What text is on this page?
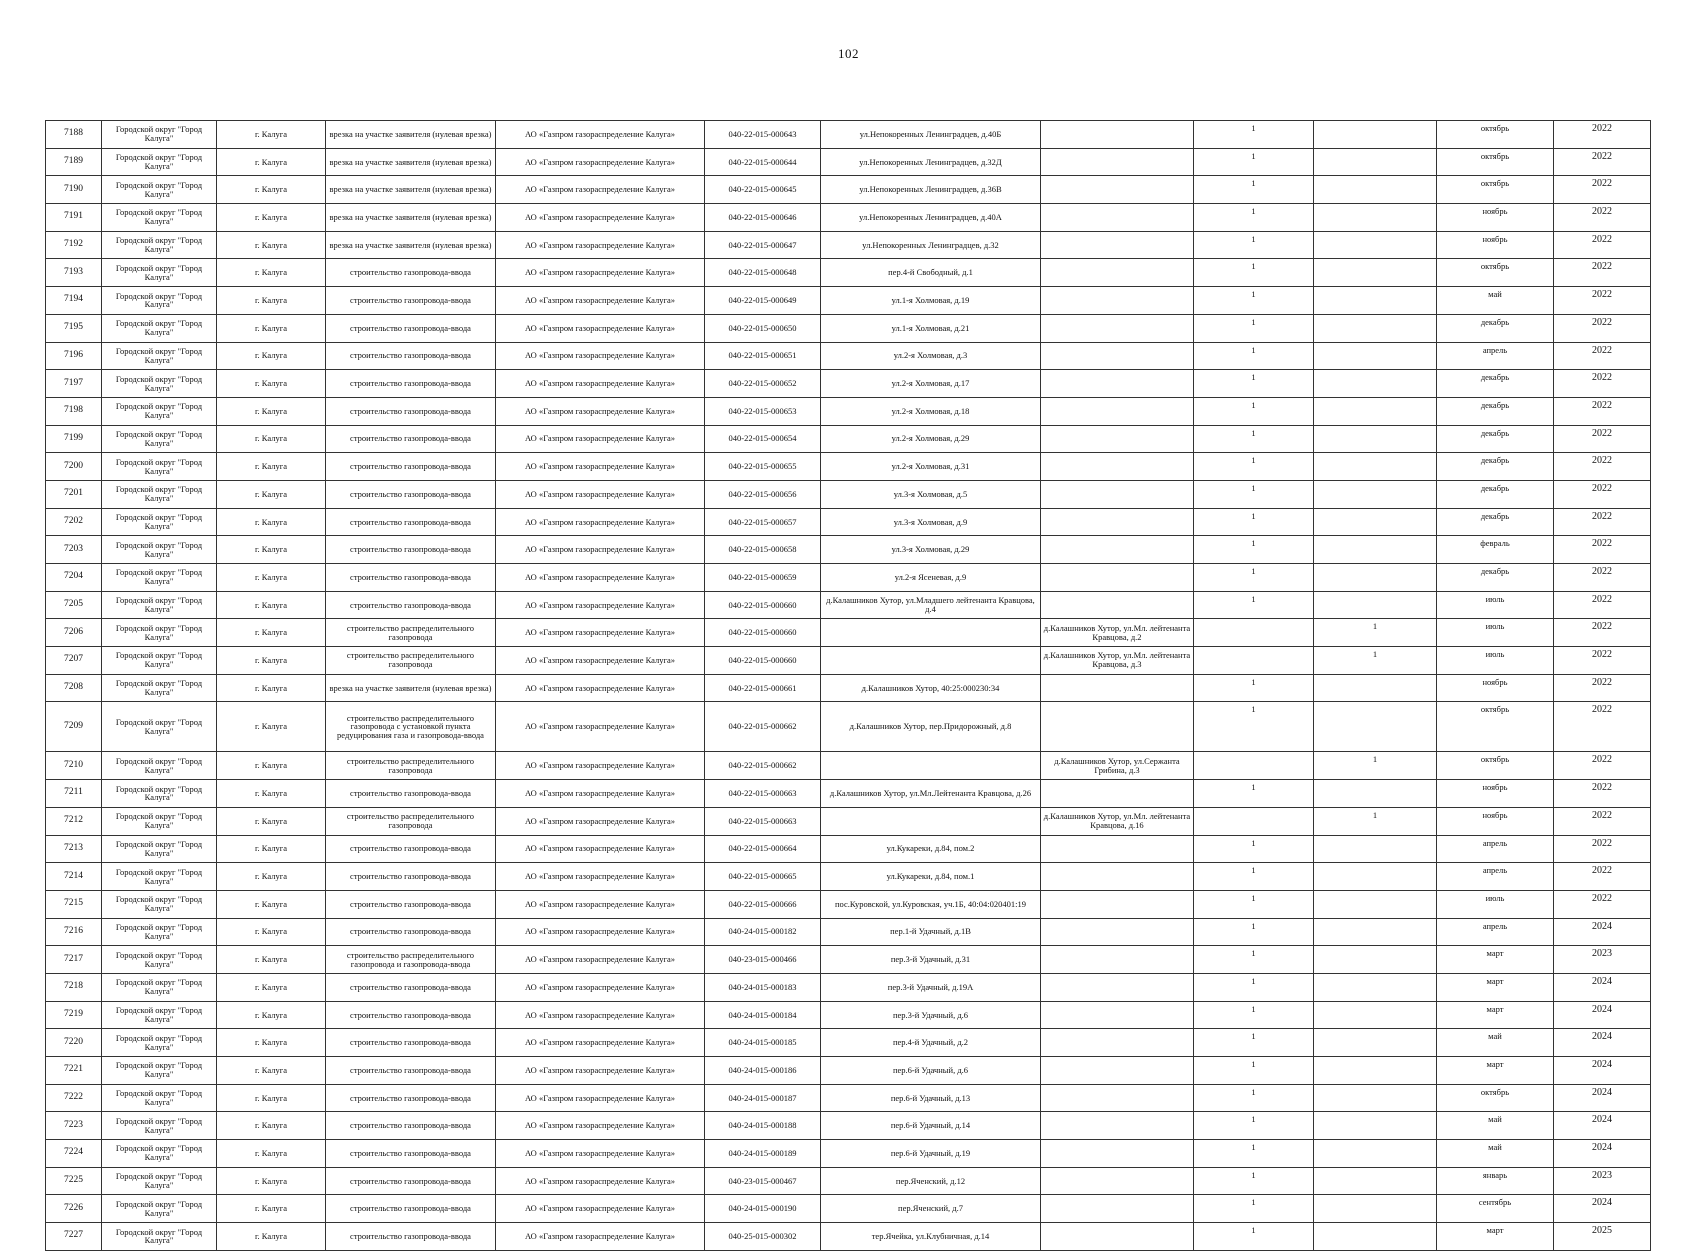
102
7188	Городской округ "Город Калуга"	г. Калуга	врезка на участке заявителя (нулевая врезка)	АО «Газпром газораспределение Калуга»	040-22-015-000643	ул.Непокоренных Ленинградцев, д.40Б		1		октябрь	2022
7189	Городской округ "Город Калуга"	г. Калуга	врезка на участке заявителя (нулевая врезка)	АО «Газпром газораспределение Калуга»	040-22-015-000644	ул.Непокоренных Ленинградцев, д.32Д		1		октябрь	2022
7190	Городской округ "Город Калуга"	г. Калуга	врезка на участке заявителя (нулевая врезка)	АО «Газпром газораспределение Калуга»	040-22-015-000645	ул.Непокоренных Ленинградцев, д.36В		1		октябрь	2022
7191	Городской округ "Город Калуга"	г. Калуга	врезка на участке заявителя (нулевая врезка)	АО «Газпром газораспределение Калуга»	040-22-015-000646	ул.Непокоренных Ленинградцев, д.40А		1		ноябрь	2022
7192	Городской округ "Город Калуга"	г. Калуга	врезка на участке заявителя (нулевая врезка)	АО «Газпром газораспределение Калуга»	040-22-015-000647	ул.Непокоренных Ленинградцев, д.32		1		ноябрь	2022
7193	Городской округ "Город Калуга"	г. Калуга	строительство газопровода-ввода	АО «Газпром газораспределение Калуга»	040-22-015-000648	пер.4-й Свободный, д.1		1		октябрь	2022
7194	Городской округ "Город Калуга"	г. Калуга	строительство газопровода-ввода	АО «Газпром газораспределение Калуга»	040-22-015-000649	ул.1-я Холмовая, д.19		1		май	2022
7195	Городской округ "Город Калуга"	г. Калуга	строительство газопровода-ввода	АО «Газпром газораспределение Калуга»	040-22-015-000650	ул.1-я Холмовая, д.21		1		декабрь	2022
7196	Городской округ "Город Калуга"	г. Калуга	строительство газопровода-ввода	АО «Газпром газораспределение Калуга»	040-22-015-000651	ул.2-я Холмовая, д.3		1		апрель	2022
7197	Городской округ "Город Калуга"	г. Калуга	строительство газопровода-ввода	АО «Газпром газораспределение Калуга»	040-22-015-000652	ул.2-я Холмовая, д.17		1		декабрь	2022
7198	Городской округ "Город Калуга"	г. Калуга	строительство газопровода-ввода	АО «Газпром газораспределение Калуга»	040-22-015-000653	ул.2-я Холмовая, д.18		1		декабрь	2022
7199	Городской округ "Город Калуга"	г. Калуга	строительство газопровода-ввода	АО «Газпром газораспределение Калуга»	040-22-015-000654	ул.2-я Холмовая, д.29		1		декабрь	2022
7200	Городской округ "Город Калуга"	г. Калуга	строительство газопровода-ввода	АО «Газпром газораспределение Калуга»	040-22-015-000655	ул.2-я Холмовая, д.31		1		декабрь	2022
7201	Городской округ "Город Калуга"	г. Калуга	строительство газопровода-ввода	АО «Газпром газораспределение Калуга»	040-22-015-000656	ул.3-я Холмовая, д.5		1		декабрь	2022
7202	Городской округ "Город Калуга"	г. Калуга	строительство газопровода-ввода	АО «Газпром газораспределение Калуга»	040-22-015-000657	ул.3-я Холмовая, д.9		1		декабрь	2022
7203	Городской округ "Город Калуга"	г. Калуга	строительство газопровода-ввода	АО «Газпром газораспределение Калуга»	040-22-015-000658	ул.3-я Холмовая, д.29		1		февраль	2022
7204	Городской округ "Город Калуга"	г. Калуга	строительство газопровода-ввода	АО «Газпром газораспределение Калуга»	040-22-015-000659	ул.2-я Ясеневая, д.9		1		декабрь	2022
7205	Городской округ "Город Калуга"	г. Калуга	строительство газопровода-ввода	АО «Газпром газораспределение Калуга»	040-22-015-000660	д.Калашников Хутор, ул.Младшего лейтенанта Кравцова, д.4		1		июль	2022
7206	Городской округ "Город Калуга"	г. Калуга	строительство распределительного газопровода	АО «Газпром газораспределение Калуга»	040-22-015-000660		д.Калашников Хутор, ул.Мл. лейтенанта Кравцова, д.2		1	июль	2022
7207	Городской округ "Город Калуга"	г. Калуга	строительство распределительного газопровода	АО «Газпром газораспределение Калуга»	040-22-015-000660		д.Калашников Хутор, ул.Мл. лейтенанта Кравцова, д.3		1	июль	2022
7208	Городской округ "Город Калуга"	г. Калуга	врезка на участке заявителя (нулевая врезка)	АО «Газпром газораспределение Калуга»	040-22-015-000661	д.Калашников Хутор, 40:25:000230:34		1		ноябрь	2022
7209	Городской округ "Город Калуга"	г. Калуга	строительство распределительного газопровода с установкой пункта редуцирования газа и газопровода-ввода	АО «Газпром газораспределение Калуга»	040-22-015-000662	д.Калашников Хутор, пер.Придорожный, д.8		1		октябрь	2022
7210	Городской округ "Город Калуга"	г. Калуга	строительство распределительного газопровода	АО «Газпром газораспределение Калуга»	040-22-015-000662		д.Калашников Хутор, ул.Сержанта Грибина, д.3		1	октябрь	2022
7211	Городской округ "Город Калуга"	г. Калуга	строительство газопровода-ввода	АО «Газпром газораспределение Калуга»	040-22-015-000663	д.Калашников Хутор, ул.Мл.Лейтенанта Кравцова, д.26		1		ноябрь	2022
7212	Городской округ "Город Калуга"	г. Калуга	строительство распределительного газопровода	АО «Газпром газораспределение Калуга»	040-22-015-000663		д.Калашников Хутор, ул.Мл. лейтенанта Кравцова, д.16		1	ноябрь	2022
7213	Городской округ "Город Калуга"	г. Калуга	строительство газопровода-ввода	АО «Газпром газораспределение Калуга»	040-22-015-000664	ул.Кукареки, д.84, пом.2		1		апрель	2022
7214	Городской округ "Город Калуга"	г. Калуга	строительство газопровода-ввода	АО «Газпром газораспределение Калуга»	040-22-015-000665	ул.Кукареки, д.84, пом.1		1		апрель	2022
7215	Городской округ "Город Калуга"	г. Калуга	строительство газопровода-ввода	АО «Газпром газораспределение Калуга»	040-22-015-000666	пос.Куровской, ул.Куровская, уч.1Б, 40:04:020401:19		1		июль	2022
7216	Городской округ "Город Калуга"	г. Калуга	строительство газопровода-ввода	АО «Газпром газораспределение Калуга»	040-24-015-000182	пер.1-й Удачный, д.1В		1		апрель	2024
7217	Городской округ "Город Калуга"	г. Калуга	строительство распределительного газопровода и газопровода-ввода	АО «Газпром газораспределение Калуга»	040-23-015-000466	пер.3-й Удачный, д.31		1		март	2023
7218	Городской округ "Город Калуга"	г. Калуга	строительство газопровода-ввода	АО «Газпром газораспределение Калуга»	040-24-015-000183	пер.3-й Удачный, д.19А		1		март	2024
7219	Городской округ "Город Калуга"	г. Калуга	строительство газопровода-ввода	АО «Газпром газораспределение Калуга»	040-24-015-000184	пер.3-й Удачный, д.6		1		март	2024
7220	Городской округ "Город Калуга"	г. Калуга	строительство газопровода-ввода	АО «Газпром газораспределение Калуга»	040-24-015-000185	пер.4-й Удачный, д.2		1		май	2024
7221	Городской округ "Город Калуга"	г. Калуга	строительство газопровода-ввода	АО «Газпром газораспределение Калуга»	040-24-015-000186	пер.6-й Удачный, д.6		1		март	2024
7222	Городской округ "Город Калуга"	г. Калуга	строительство газопровода-ввода	АО «Газпром газораспределение Калуга»	040-24-015-000187	пер.6-й Удачный, д.13		1		октябрь	2024
7223	Городской округ "Город Калуга"	г. Калуга	строительство газопровода-ввода	АО «Газпром газораспределение Калуга»	040-24-015-000188	пер.6-й Удачный, д.14		1		май	2024
7224	Городской округ "Город Калуга"	г. Калуга	строительство газопровода-ввода	АО «Газпром газораспределение Калуга»	040-24-015-000189	пер.6-й Удачный, д.19		1		май	2024
7225	Городской округ "Город Калуга"	г. Калуга	строительство газопровода-ввода	АО «Газпром газораспределение Калуга»	040-23-015-000467	пер.Яченский, д.12		1		январь	2023
7226	Городской округ "Город Калуга"	г. Калуга	строительство газопровода-ввода	АО «Газпром газораспределение Калуга»	040-24-015-000190	пер.Яченский, д.7		1		сентябрь	2024
7227	Городской округ "Город Калуга"	г. Калуга	строительство газопровода-ввода	АО «Газпром газораспределение Калуга»	040-25-015-000302	тер.Ячейка, ул.Клубничная, д.14		1		март	2025
